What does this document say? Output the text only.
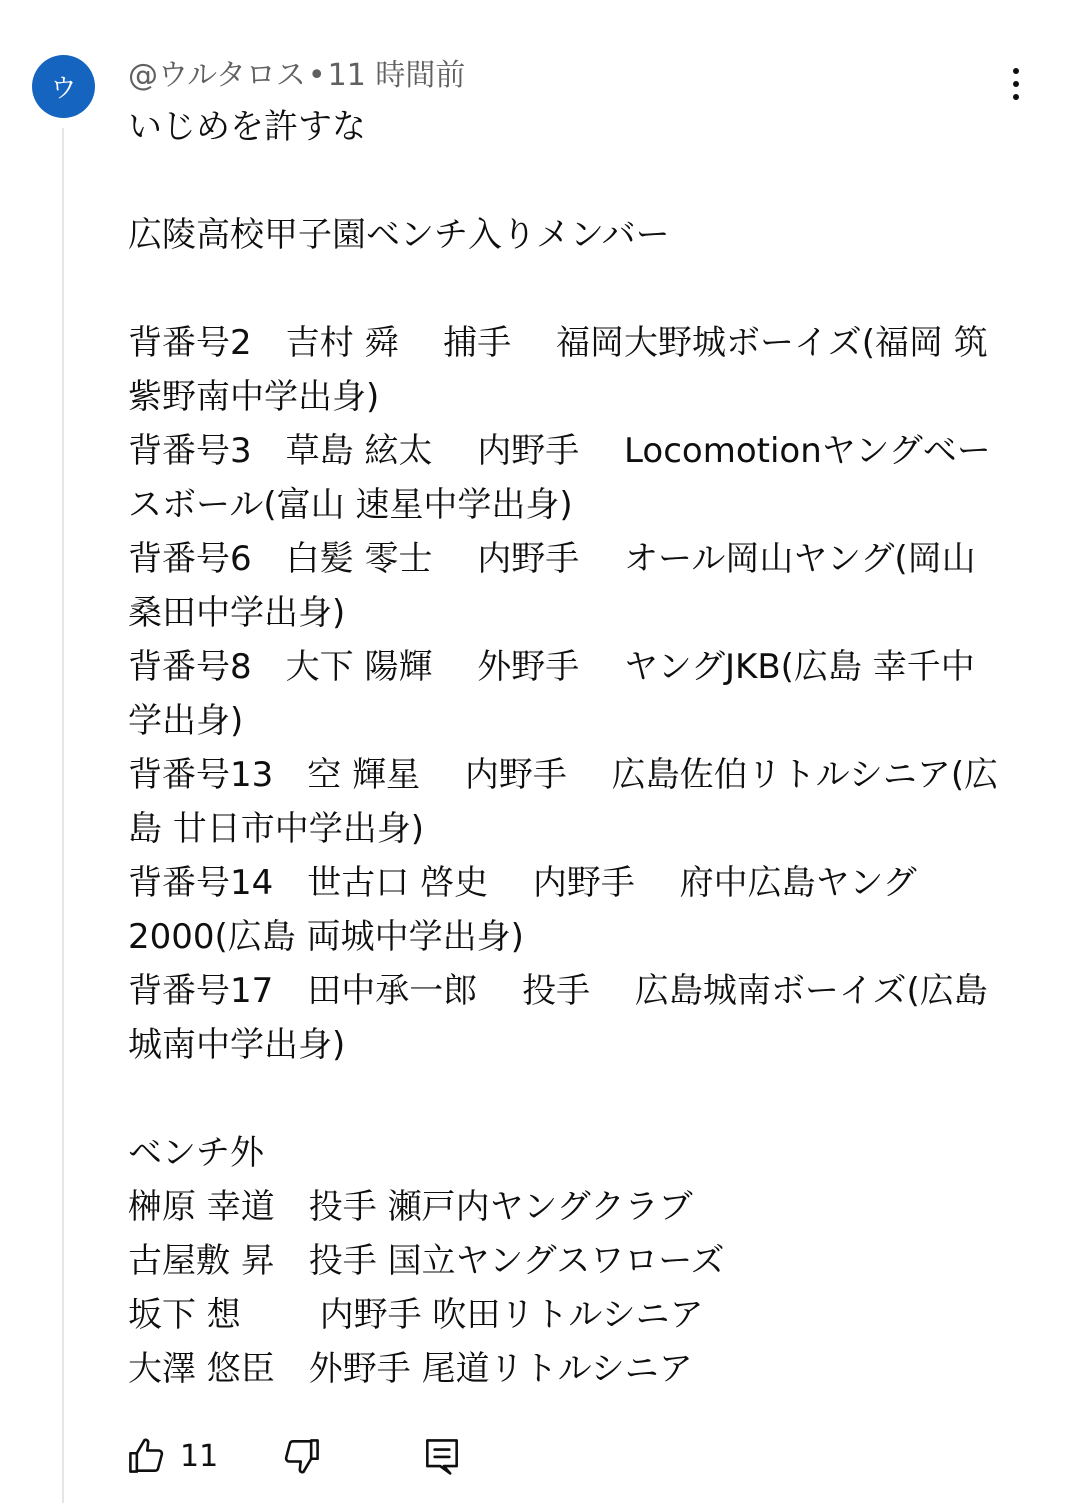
ウ @ウルタロス•11 時間前

いじめを許すな

広陵高校甲子園ベンチ入りメンバー

背番号2　吉村 舜　 捕手　 福岡大野城ボーイズ(福岡 筑紫野南中学出身)
背番号3　草島 絃太　 内野手　 Locomotionヤングベースボール(富山 速星中学出身)
背番号6　白髪 零士　 内野手　 オール岡山ヤング(岡山 桑田中学出身)
背番号8　大下 陽輝　 外野手　 ヤングJKB(広島 幸千中学出身)
背番号13　空 輝星　 内野手　 広島佐伯リトルシニア(広島 廿日市中学出身)
背番号14　世古口 啓史　 内野手　 府中広島ヤング2000(広島 両城中学出身)
背番号17　田中承一郎　 投手　 広島城南ボーイズ(広島 城南中学出身)

ベンチ外
榊原 幸道　投手 瀬戸内ヤングクラブ
古屋敷 昇　投手 国立ヤングスワローズ
坂下 想　　 内野手 吹田リトルシニア
大澤 悠臣　外野手 尾道リトルシニア

11
